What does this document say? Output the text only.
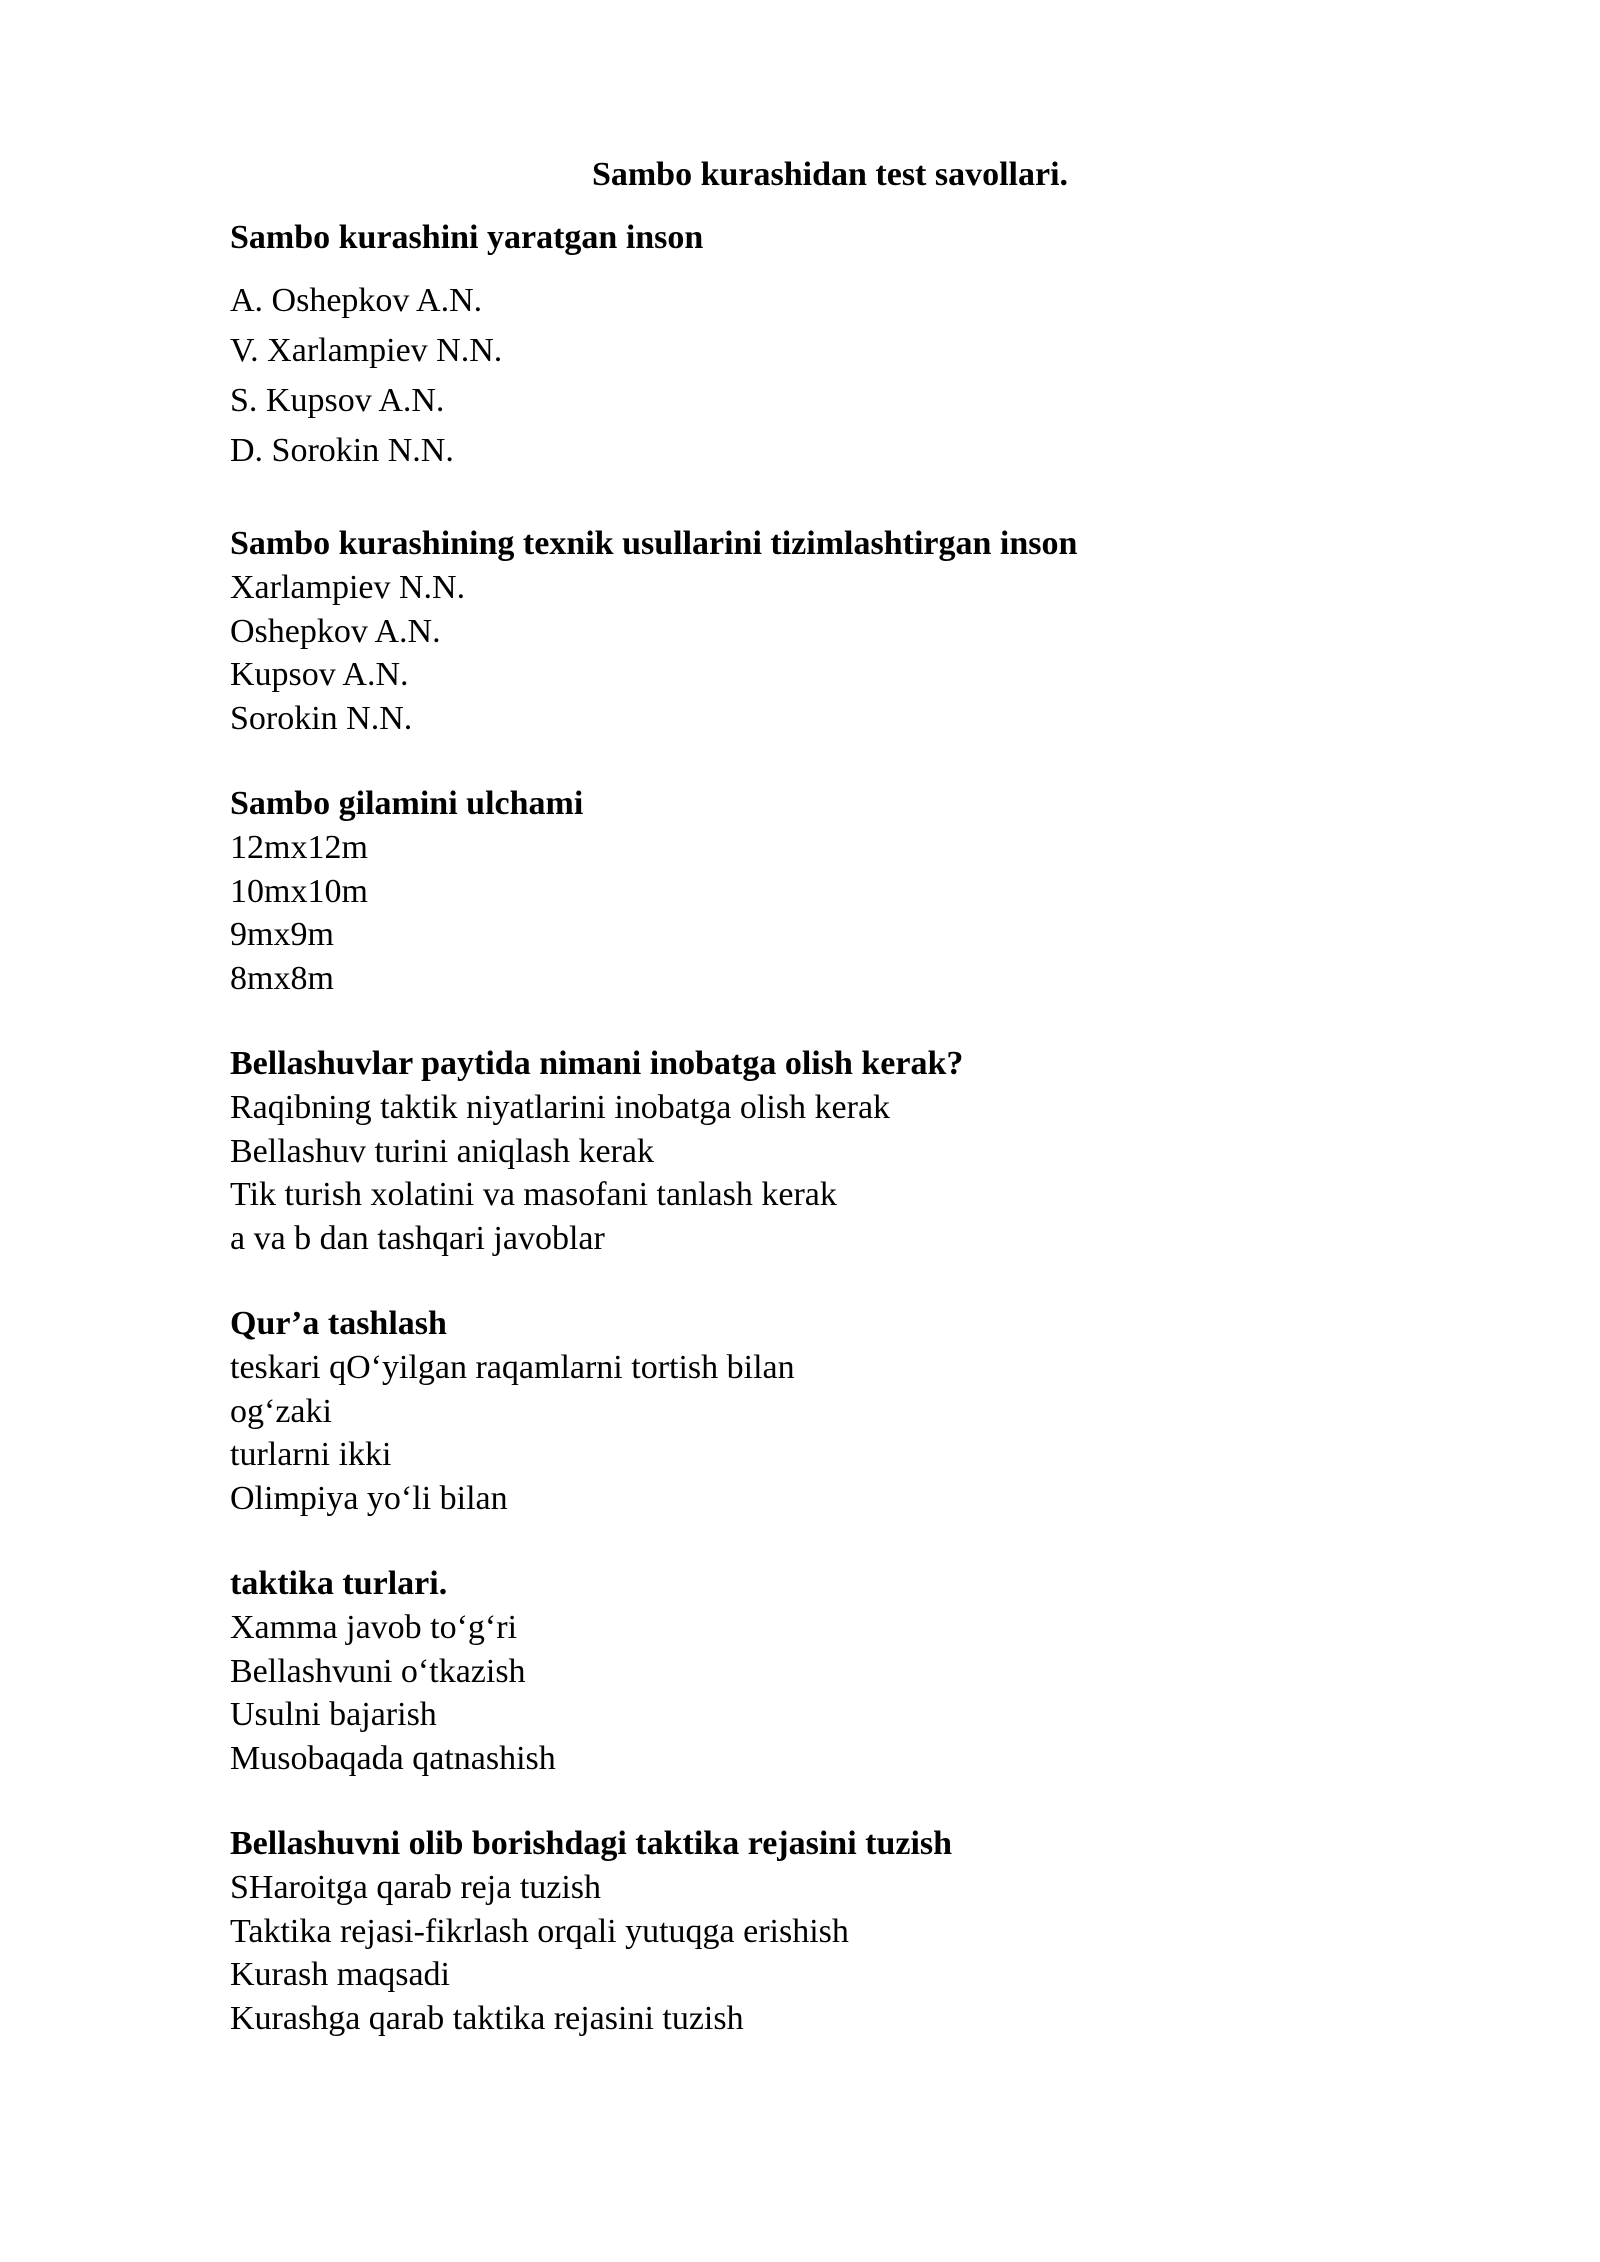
Sambo kurashidan test savollari.
Sambo kurashini yaratgan inson

A. Oshepkov A.N.

V. Xarlampiev N.N.

S. Kupsov A.N.

D. Sorokin N.N.

Sambo kurashining texnik usullarini tizimlashtirgan inson

Xarlampiev N.N.

Oshepkov A.N.

Kupsov A.N.

Sorokin N.N.

Sambo gilamini ulchami

12mx12m

10mx10m

9mx9m

8mx8m

Bellashuvlar paytida nimani inobatga olish kerak?

Raqibning taktik niyatlarini inobatga olish kerak

Bellashuv turini aniqlash kerak

Tik turish xolatini va masofani tanlash kerak

a va b dan tashqari javoblar

Qur’a tashlash

teskari qO‘yilgan raqamlarni tortish bilan

og‘zaki

turlarni ikki

Olimpiya yo‘li bilan

taktika turlari.

Xamma javob to‘g‘ri

Bellashvuni o‘tkazish

Usulni bajarish

Musobaqada qatnashish

Bellashuvni olib borishdagi taktika rejasini tuzish

SHaroitga qarab reja tuzish

Taktika rejasi-fikrlash orqali yutuqga erishish

Kurash maqsadi

Kurashga qarab taktika rejasini tuzish
